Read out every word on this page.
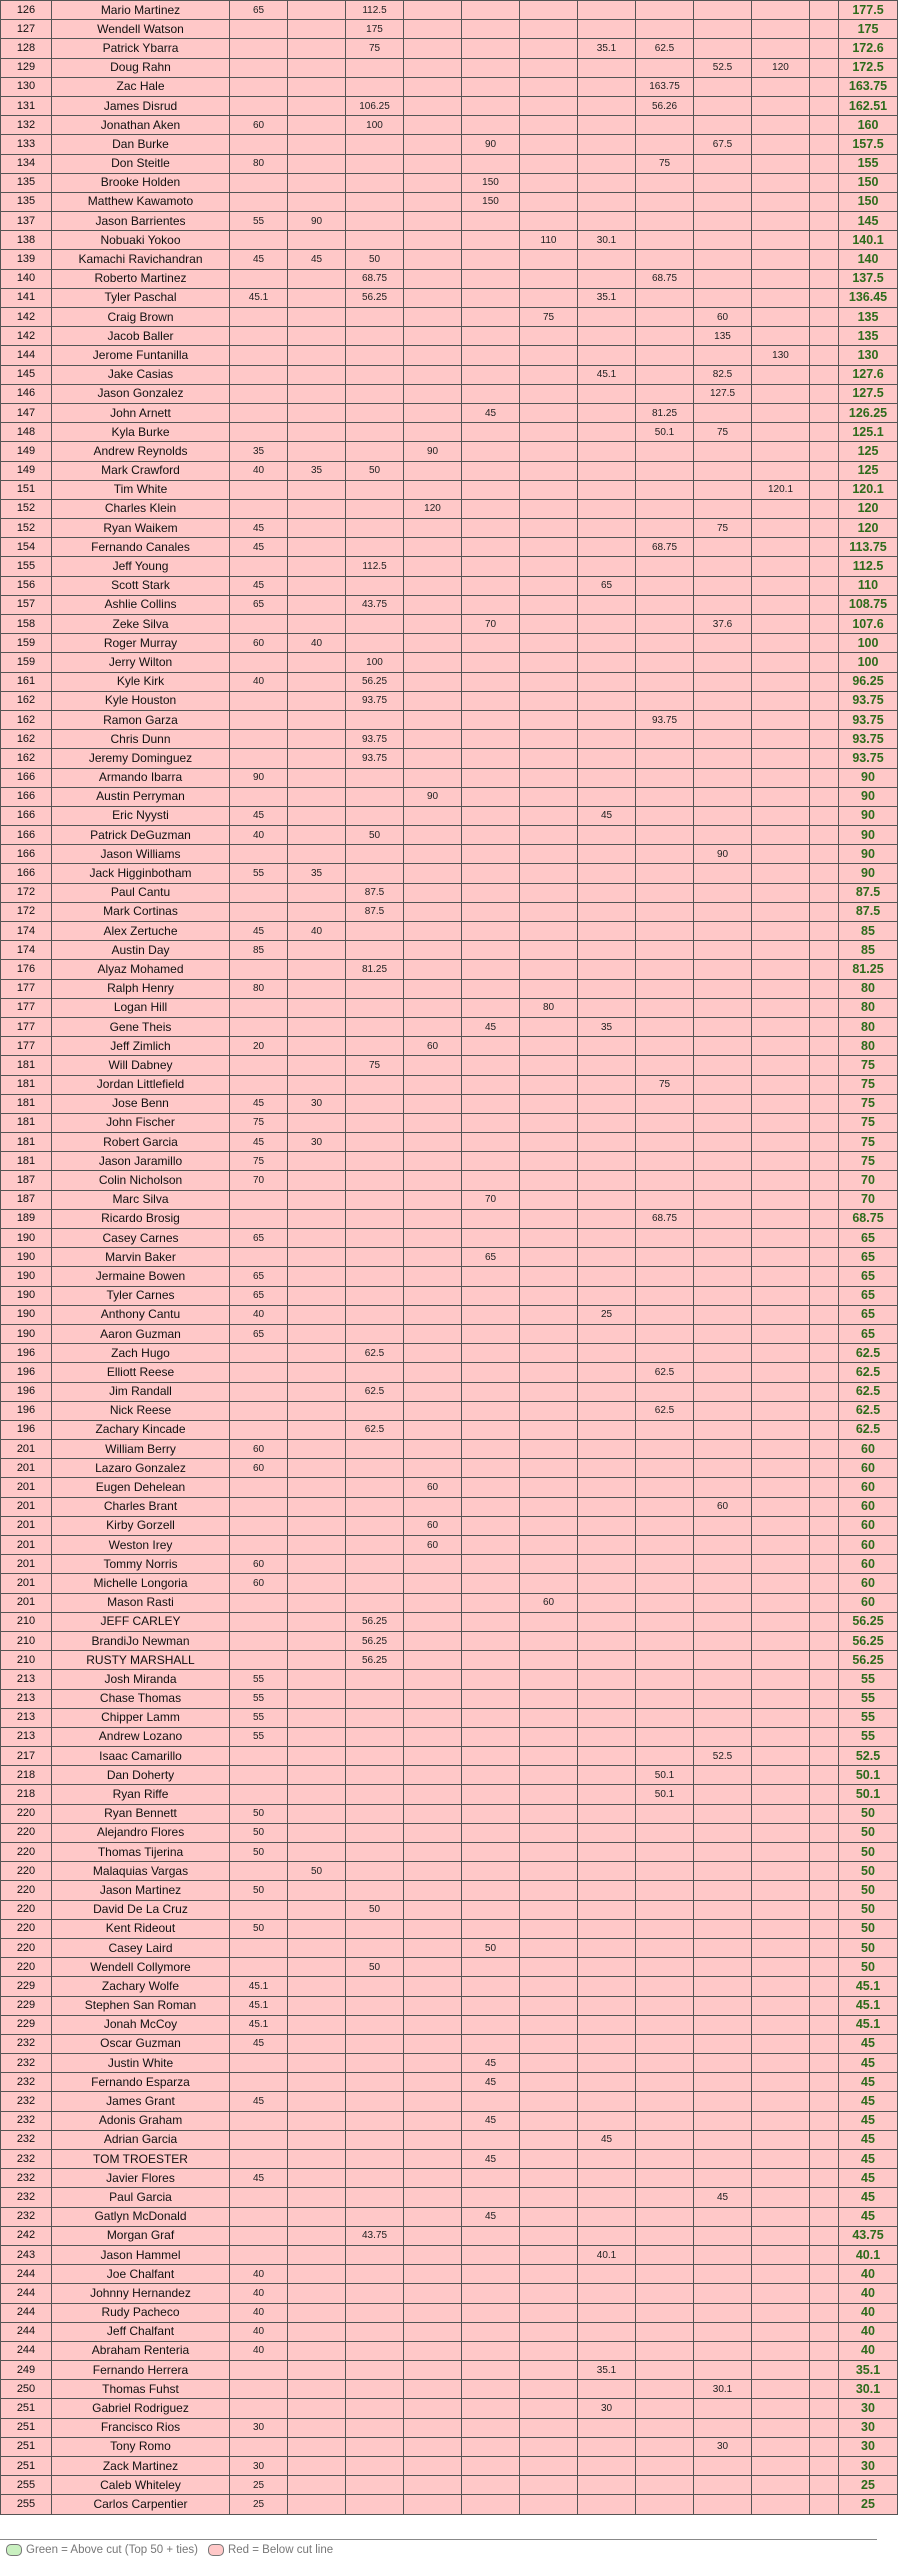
126	Mario Martinez	65		112.5									177.5
127	Wendell Watson			175									175
128	Patrick Ybarra			75				35.1	62.5				172.6
129	Doug Rahn									52.5	120		172.5
130	Zac Hale								163.75				163.75
131	James Disrud			106.25					56.26				162.51
132	Jonathan Aken	60		100									160
133	Dan Burke					90				67.5			157.5
134	Don Steitle	80							75				155
135	Brooke Holden					150							150
135	Matthew Kawamoto					150							150
137	Jason Barrientes	55	90										145
138	Nobuaki Yokoo						110	30.1					140.1
139	Kamachi Ravichandran	45	45	50									140
140	Roberto Martinez			68.75					68.75				137.5
141	Tyler Paschal	45.1		56.25				35.1					136.45
142	Craig Brown						75			60			135
142	Jacob Baller									135			135
144	Jerome Funtanilla										130		130
145	Jake Casias							45.1		82.5			127.6
146	Jason Gonzalez									127.5			127.5
147	John Arnett					45			81.25				126.25
148	Kyla Burke								50.1	75			125.1
149	Andrew Reynolds	35			90								125
149	Mark Crawford	40	35	50									125
151	Tim White										120.1		120.1
152	Charles Klein				120								120
152	Ryan Waikem	45								75			120
154	Fernando Canales	45							68.75				113.75
155	Jeff Young			112.5									112.5
156	Scott Stark	45						65					110
157	Ashlie Collins	65		43.75									108.75
158	Zeke Silva					70				37.6			107.6
159	Roger Murray	60	40										100
159	Jerry Wilton			100									100
161	Kyle Kirk	40		56.25									96.25
162	Kyle Houston			93.75									93.75
162	Ramon Garza								93.75				93.75
162	Chris Dunn			93.75									93.75
162	Jeremy Dominguez			93.75									93.75
166	Armando Ibarra	90											90
166	Austin Perryman				90								90
166	Eric Nyysti	45						45					90
166	Patrick DeGuzman	40		50									90
166	Jason Williams									90			90
166	Jack Higginbotham	55	35										90
172	Paul Cantu			87.5									87.5
172	Mark Cortinas			87.5									87.5
174	Alex Zertuche	45	40										85
174	Austin Day	85											85
176	Alyaz Mohamed			81.25									81.25
177	Ralph Henry	80											80
177	Logan Hill						80						80
177	Gene Theis					45		35					80
177	Jeff Zimlich	20			60								80
181	Will Dabney			75									75
181	Jordan Littlefield								75				75
181	Jose Benn	45	30										75
181	John Fischer	75											75
181	Robert Garcia	45	30										75
181	Jason Jaramillo	75											75
187	Colin Nicholson	70											70
187	Marc Silva					70							70
189	Ricardo Brosig								68.75				68.75
190	Casey Carnes	65											65
190	Marvin Baker					65							65
190	Jermaine Bowen	65											65
190	Tyler Carnes	65											65
190	Anthony Cantu	40						25					65
190	Aaron Guzman	65											65
196	Zach Hugo			62.5									62.5
196	Elliott Reese								62.5				62.5
196	Jim Randall			62.5									62.5
196	Nick Reese								62.5				62.5
196	Zachary Kincade			62.5									62.5
201	William Berry	60											60
201	Lazaro Gonzalez	60											60
201	Eugen Dehelean				60								60
201	Charles Brant									60			60
201	Kirby Gorzell				60								60
201	Weston Irey				60								60
201	Tommy Norris	60											60
201	Michelle Longoria	60											60
201	Mason Rasti						60						60
210	JEFF CARLEY			56.25									56.25
210	BrandiJo Newman			56.25									56.25
210	RUSTY MARSHALL			56.25									56.25
213	Josh Miranda	55											55
213	Chase Thomas	55											55
213	Chipper Lamm	55											55
213	Andrew Lozano	55											55
217	Isaac Camarillo									52.5			52.5
218	Dan Doherty								50.1				50.1
218	Ryan Riffe								50.1				50.1
220	Ryan Bennett	50											50
220	Alejandro Flores	50											50
220	Thomas Tijerina	50											50
220	Malaquias Vargas		50										50
220	Jason Martinez	50											50
220	David De La Cruz			50									50
220	Kent Rideout	50											50
220	Casey Laird					50							50
220	Wendell Collymore			50									50
229	Zachary Wolfe	45.1											45.1
229	Stephen San Roman	45.1											45.1
229	Jonah McCoy	45.1											45.1
232	Oscar Guzman	45											45
232	Justin White					45							45
232	Fernando Esparza					45							45
232	James Grant	45											45
232	Adonis Graham					45							45
232	Adrian Garcia							45					45
232	TOM TROESTER					45							45
232	Javier Flores	45											45
232	Paul Garcia									45			45
232	Gatlyn McDonald					45							45
242	Morgan Graf			43.75									43.75
243	Jason Hammel							40.1					40.1
244	Joe Chalfant	40											40
244	Johnny Hernandez	40											40
244	Rudy Pacheco	40											40
244	Jeff Chalfant	40											40
244	Abraham Renteria	40											40
249	Fernando Herrera							35.1					35.1
250	Thomas Fuhst									30.1			30.1
251	Gabriel Rodriguez							30					30
251	Francisco Rios	30											30
251	Tony Romo									30			30
251	Zack Martinez	30											30
255	Caleb Whiteley	25											25
255	Carlos Carpentier	25											25
Green = Above cut (Top 50 + ties)	Red = Below cut line
